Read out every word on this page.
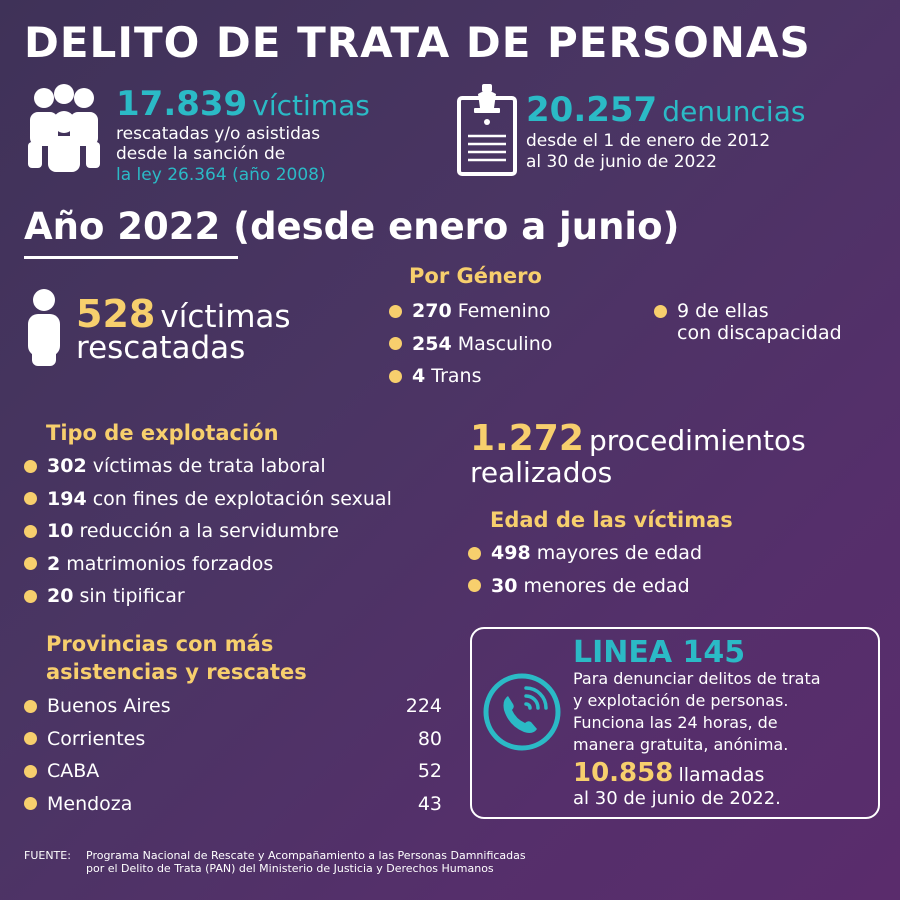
DELITO DE TRATA DE PERSONAS
17.839 víctimas
rescatadas y/o asistidas
desde la sanción de
la ley 26.364 (año 2008)
20.257 denuncias
desde el 1 de enero de 2012
al 30 de junio de 2022
Año 2022 (desde enero a junio)
528 víctimas
rescatadas
Por Género
270
Femenino
254
Masculino
4
Trans
9 de ellas
con discapacidad
Tipo de explotación
302
víctimas de trata laboral
194
con fines de explotación sexual
10
reducción a la servidumbre
2 matrimonios forzados
20
sin tipificar
1.272 procedimientos
realizados
Edad de las víctimas
498
mayores de edad
30
menores de edad
Provincias con más
asistencias y rescates
Buenos Aires	224
Corrientes	80
CABA	52
Mendoza	43
LINEA 145
Para denunciar delitos de trata
y explotación de personas.
Funciona las 24 horas, de
manera gratuita, anónima.
10.858 llamadas
al 30 de junio de 2022.
FUENTE:	Programa Nacional de Rescate y Acompañamiento a las Personas Damnificadas
por el Delito de Trata (PAN) del Ministerio de Justicia y Derechos Humanos
